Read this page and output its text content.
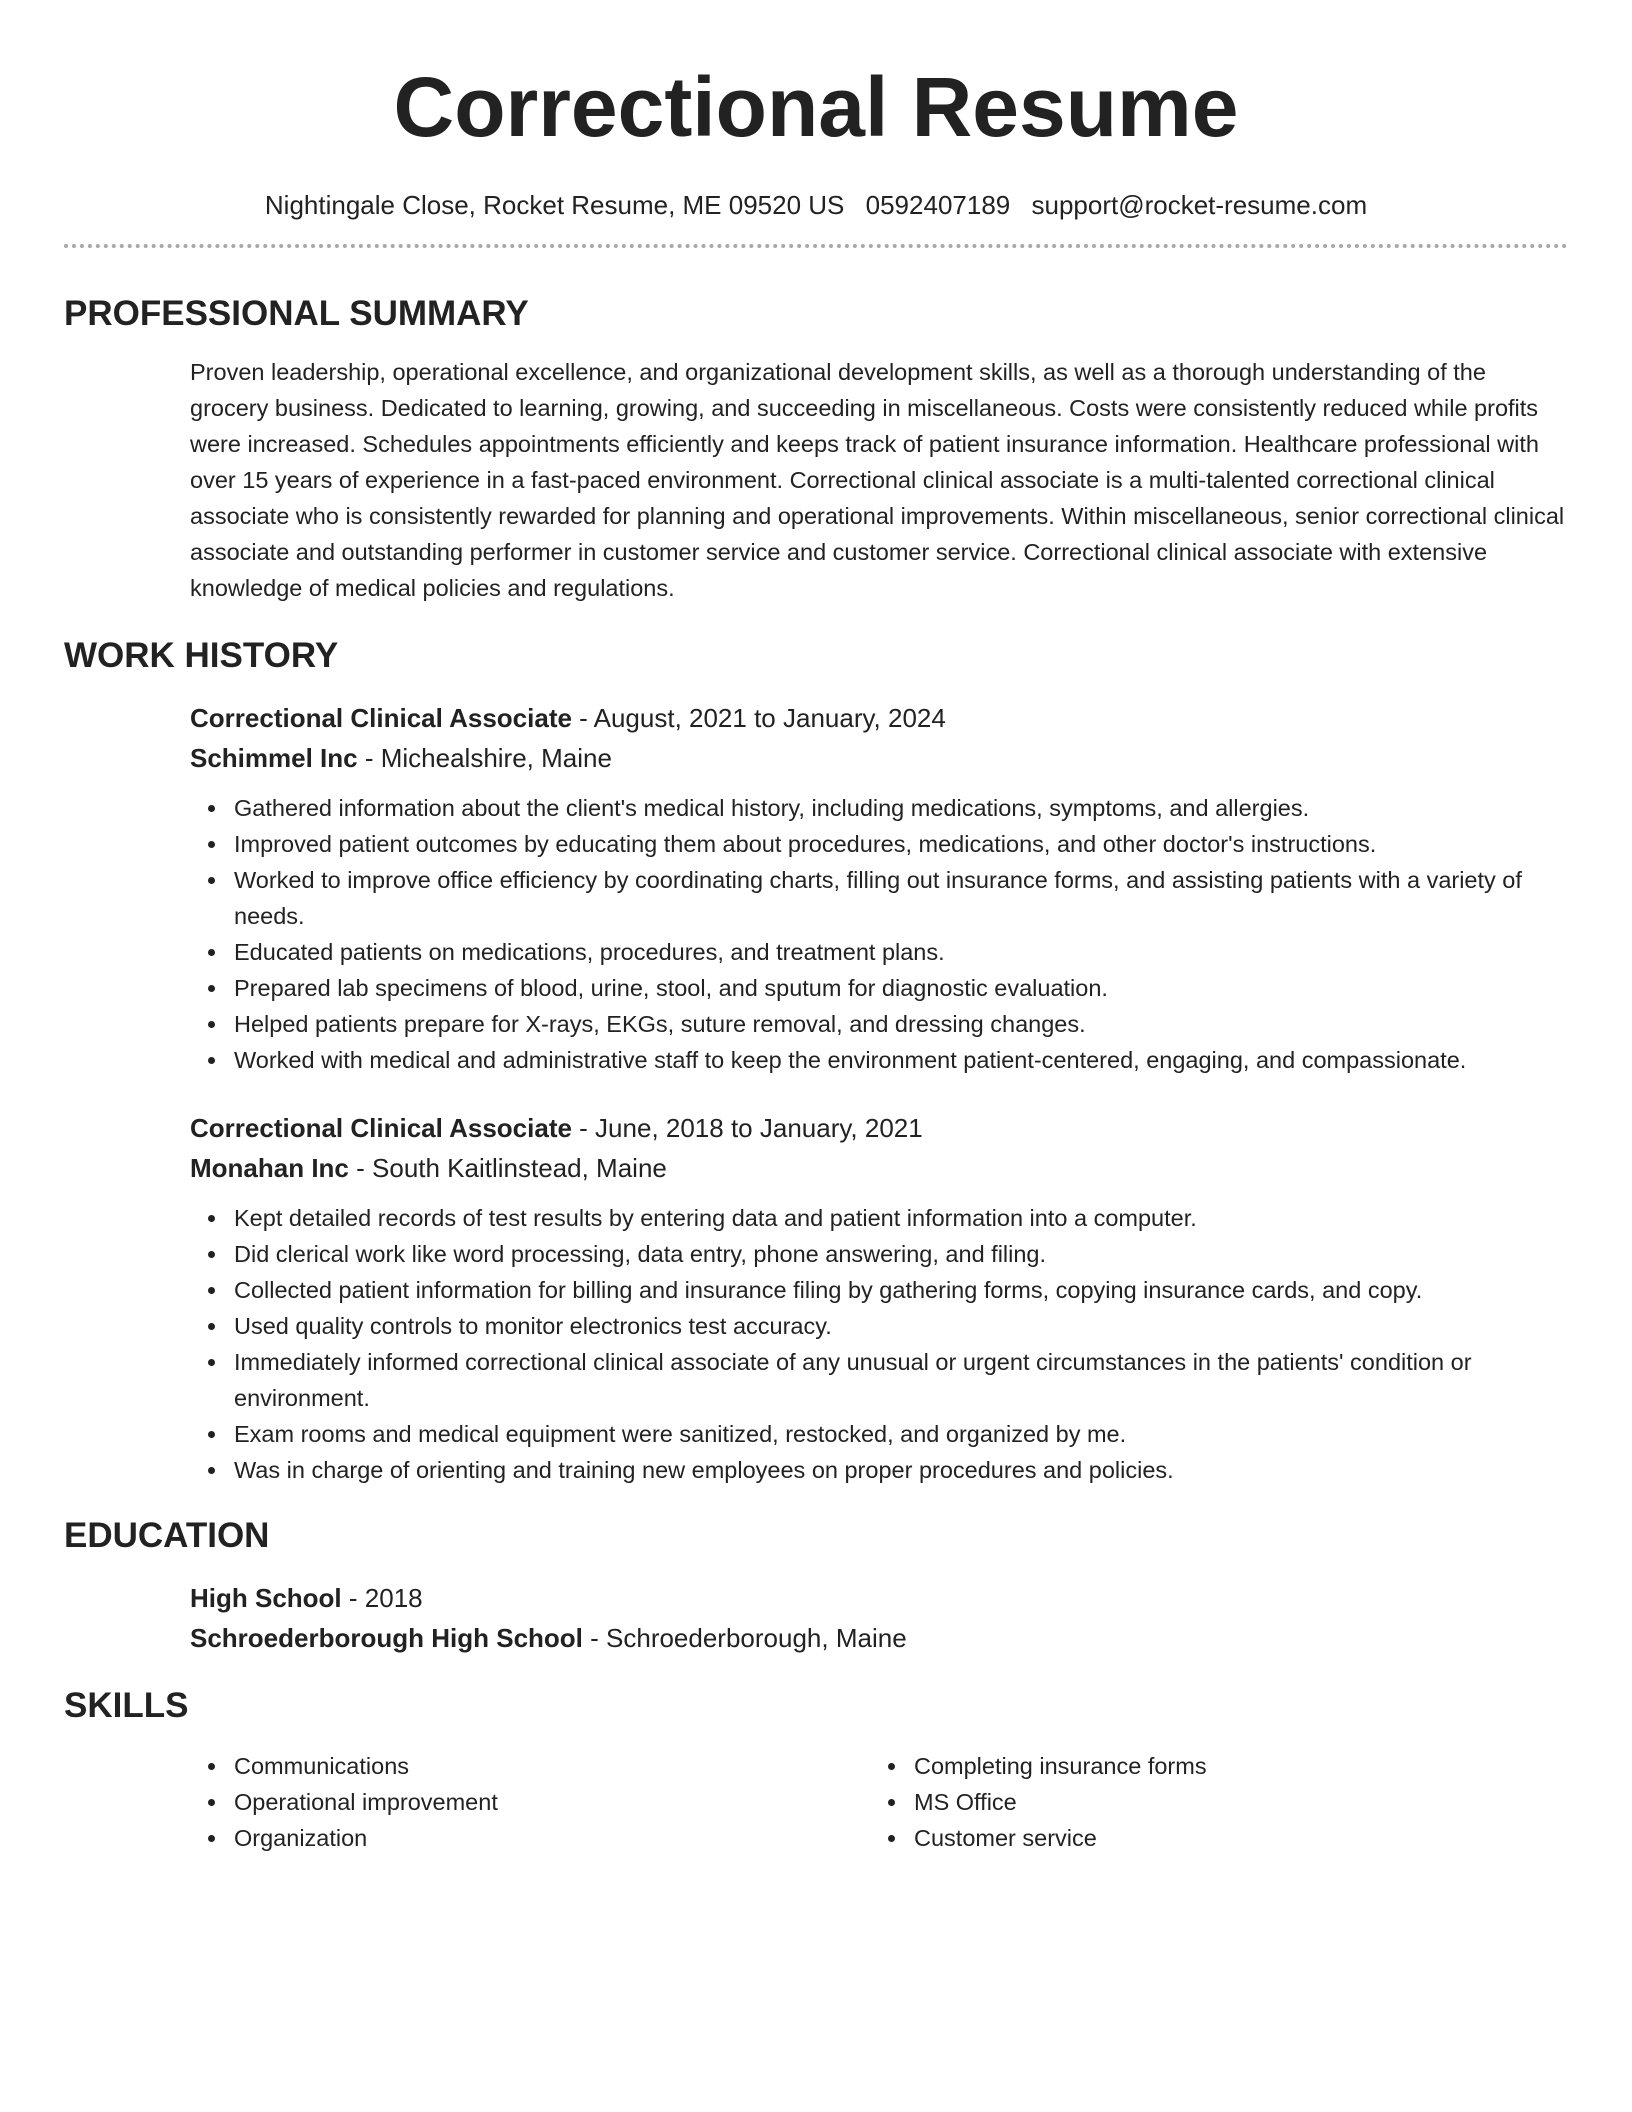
Correctional Resume
Nightingale Close, Rocket Resume, ME 09520 US 0592407189 support@rocket-resume.com
PROFESSIONAL SUMMARY

Proven leadership, operational excellence, and organizational development skills, as well as a thorough understanding of the grocery business. Dedicated to learning, growing, and succeeding in miscellaneous. Costs were consistently reduced while profits were increased. Schedules appointments efficiently and keeps track of patient insurance information. Healthcare professional with over 15 years of experience in a fast-paced environment. Correctional clinical associate is a multi-talented correctional clinical associate who is consistently rewarded for planning and operational improvements. Within miscellaneous, senior correctional clinical associate and outstanding performer in customer service and customer service. Correctional clinical associate with extensive knowledge of medical policies and regulations.

WORK HISTORY
Correctional Clinical Associate - August, 2021 to January, 2024
Schimmel Inc - Michealshire, Maine
Gathered information about the client's medical history, including medications, symptoms, and allergies.
Improved patient outcomes by educating them about procedures, medications, and other doctor's instructions.
Worked to improve office efficiency by coordinating charts, filling out insurance forms, and assisting patients with a variety of needs.
Educated patients on medications, procedures, and treatment plans.
Prepared lab specimens of blood, urine, stool, and sputum for diagnostic evaluation.
Helped patients prepare for X-rays, EKGs, suture removal, and dressing changes.
Worked with medical and administrative staff to keep the environment patient-centered, engaging, and compassionate.
Correctional Clinical Associate - June, 2018 to January, 2021
Monahan Inc - South Kaitlinstead, Maine
Kept detailed records of test results by entering data and patient information into a computer.
Did clerical work like word processing, data entry, phone answering, and filing.
Collected patient information for billing and insurance filing by gathering forms, copying insurance cards, and copy.
Used quality controls to monitor electronics test accuracy.
Immediately informed correctional clinical associate of any unusual or urgent circumstances in the patients' condition or environment.
Exam rooms and medical equipment were sanitized, restocked, and organized by me.
Was in charge of orienting and training new employees on proper procedures and policies.
EDUCATION
High School - 2018
Schroederborough High School - Schroederborough, Maine
SKILLS
Communications
Operational improvement
Organization
Completing insurance forms
MS Office
Customer service
